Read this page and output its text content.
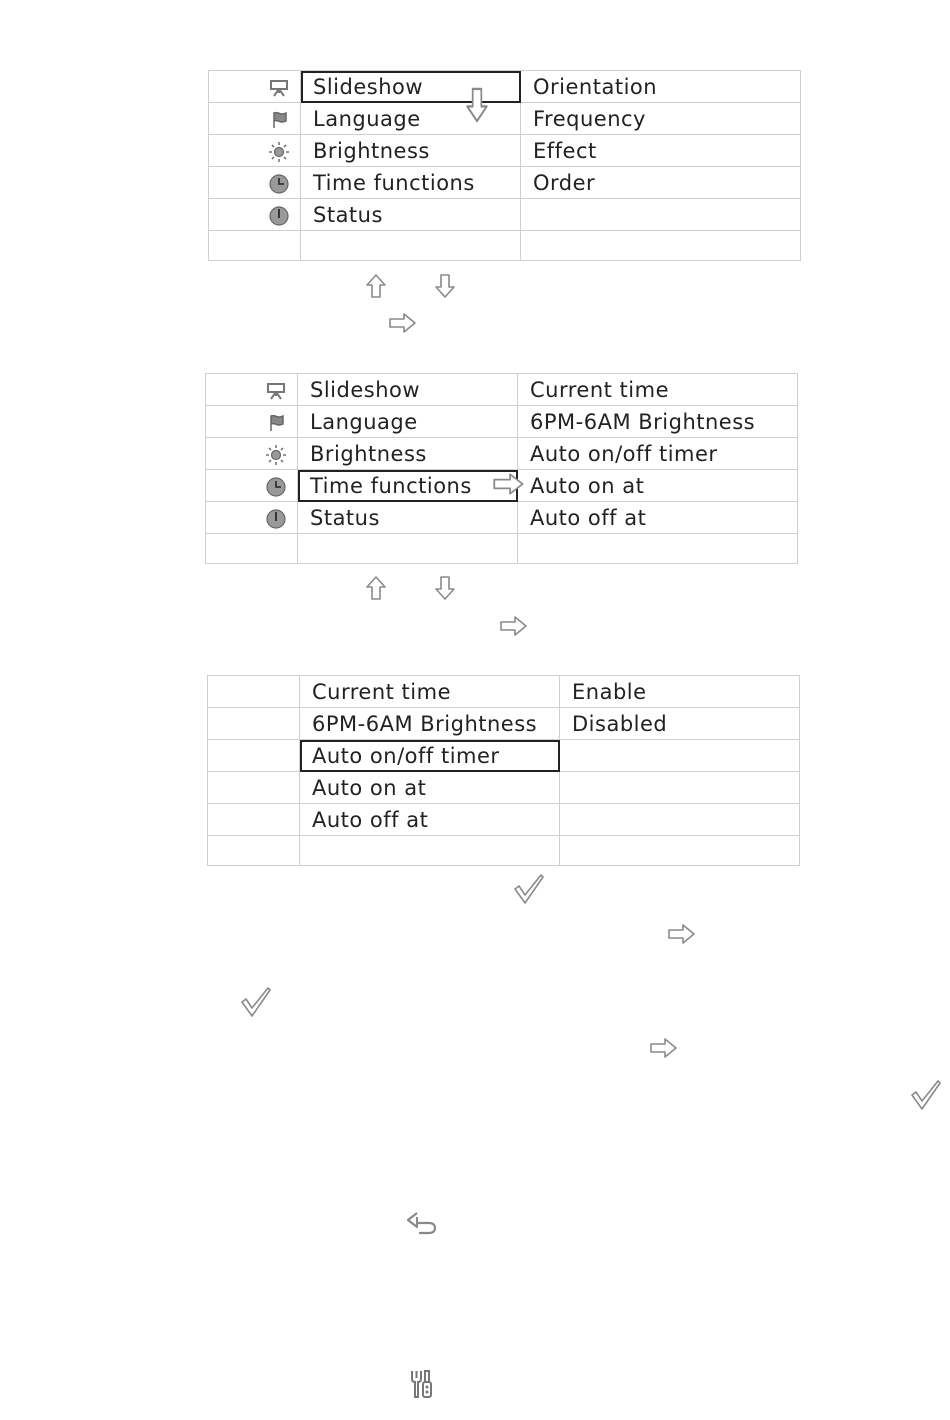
	Slideshow	Orientation
	Language	Frequency
	Brightness	Effect
	Time functions	Order
	Status	

	Slideshow	Current time
	Language	6PM-6AM Brightness
	Brightness	Auto on/off timer
	Time functions	Auto on at
	Status	Auto off at

	Current time	Enable
	6PM-6AM Brightness	Disabled
	Auto on/off timer	
	Auto on at	
	Auto off at	
